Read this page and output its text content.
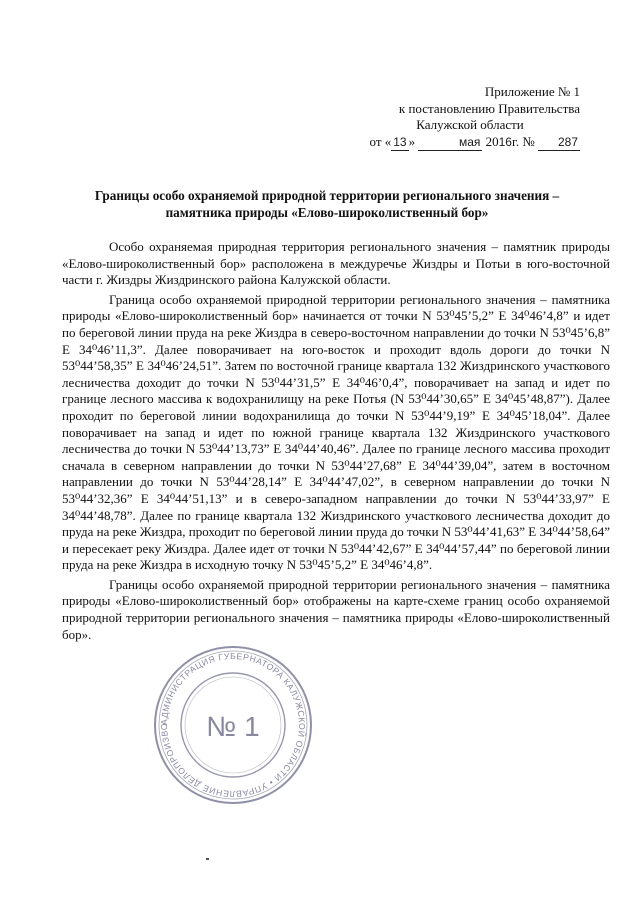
Приложение № 1
к постановлению Правительства
Калужской области
от « 13 »	мая 2016г. № 287
Границы особо охраняемой природной территории регионального значения –
памятника природы «Елово-широколиственный бор»

Особо охраняемая природная территория регионального значения – памятник природы «Елово-широколиственный бор» расположена в междуречье Жиздры и Потьи в юго-восточной части г. Жиздры Жиздринского района Калужской области.

Граница особо охраняемой природной территории регионального значения – памятника природы «Елово-широколиственный бор» начинается от точки N 53⁰45’5,2” E 34⁰46’4,8” и идет по береговой линии пруда на реке Жиздра в северо-восточном направлении до точки N 53⁰45’6,8” E 34⁰46’11,3”. Далее поворачивает на юго-восток и проходит вдоль дороги до точки N 53⁰44’58,35” E 34⁰46’24,51”. Затем по восточной границе квартала 132 Жиздринского участкового лесничества доходит до точки N 53⁰44’31,5” E 34⁰46’0,4”, поворачивает на запад и идет по границе лесного массива к водохранилищу на реке Потья (N 53⁰44’30,65” E 34⁰45’48,87”). Далее проходит по береговой линии водохранилища до точки N 53⁰44’9,19” E 34⁰45’18,04”. Далее поворачивает на запад и идет по южной границе квартала 132 Жиздринского участкового лесничества до точки N 53⁰44’13,73” E 34⁰44’40,46”. Далее по границе лесного массива проходит сначала в северном направлении до точки N 53⁰44’27,68” E 34⁰44’39,04”, затем в восточном направлении до точки N 53⁰44’28,14” E 34⁰44’47,02”, в северном направлении до точки N 53⁰44’32,36” E 34⁰44’51,13” и в северо-западном направлении до точки N 53⁰44’33,97” E 34⁰44’48,78”. Далее по границе квартала 132 Жиздринского участкового лесничества доходит до пруда на реке Жиздра, проходит по береговой линии пруда до точки N 53⁰44’41,63” E 34⁰44’58,64” и пересекает реку Жиздра. Далее идет от точки N 53⁰44’42,67” E 34⁰44’57,44” по береговой линии пруда на реке Жиздра в исходную точку N 53⁰45’5,2” E 34⁰46’4,8”.

Границы особо охраняемой природной территории регионального значения – памятника природы «Елово-широколиственный бор» отображены на карте-схеме границ особо охраняемой природной территории регионального значения – памятника природы «Елово-широколиственный бор».

АДМИНИСТРАЦИЯ ГУБЕРНАТОРА КАЛУЖСКОЙ ОБЛАСТИ • УПРАВЛЕНИЕ ДЕЛОПРОИЗВО	№ 1
